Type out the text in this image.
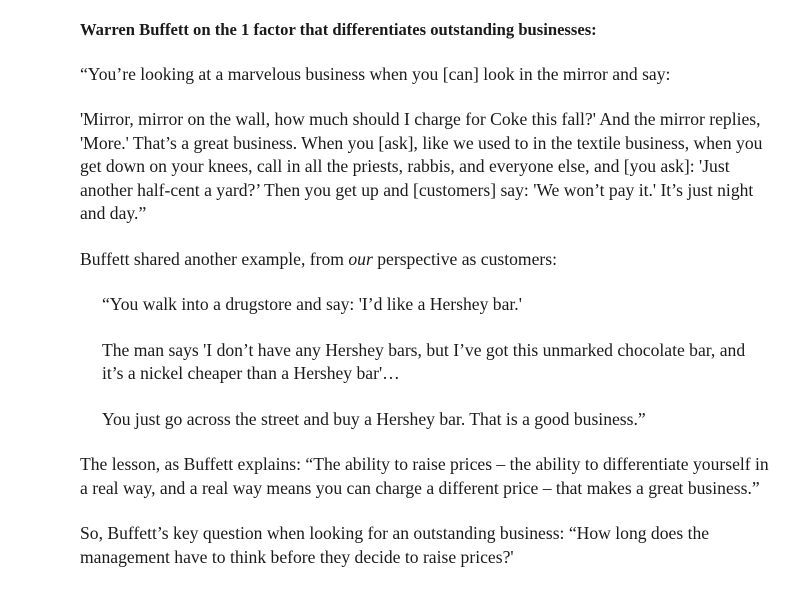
Warren Buffett on the 1 factor that differentiates outstanding businesses:

“You’re looking at a marvelous business when you [can] look in the mirror and say:

'Mirror, mirror on the wall, how much should I charge for Coke this fall?' And the mirror replies, 'More.' That’s a great business. When you [ask], like we used to in the textile business, when you get down on your knees, call in all the priests, rabbis, and everyone else, and [you ask]: 'Just another half-cent a yard?’ Then you get up and [customers] say: 'We won’t pay it.' It’s just night and day.”

Buffett shared another example, from our perspective as customers:

“You walk into a drugstore and say: 'I’d like a Hershey bar.'

The man says 'I don’t have any Hershey bars, but I’ve got this unmarked chocolate bar, and it’s a nickel cheaper than a Hershey bar'…

You just go across the street and buy a Hershey bar. That is a good business.”

The lesson, as Buffett explains: “The ability to raise prices – the ability to differentiate yourself in a real way, and a real way means you can charge a different price – that makes a great business.”

So, Buffett’s key question when looking for an outstanding business: “How long does the management have to think before they decide to raise prices?'
